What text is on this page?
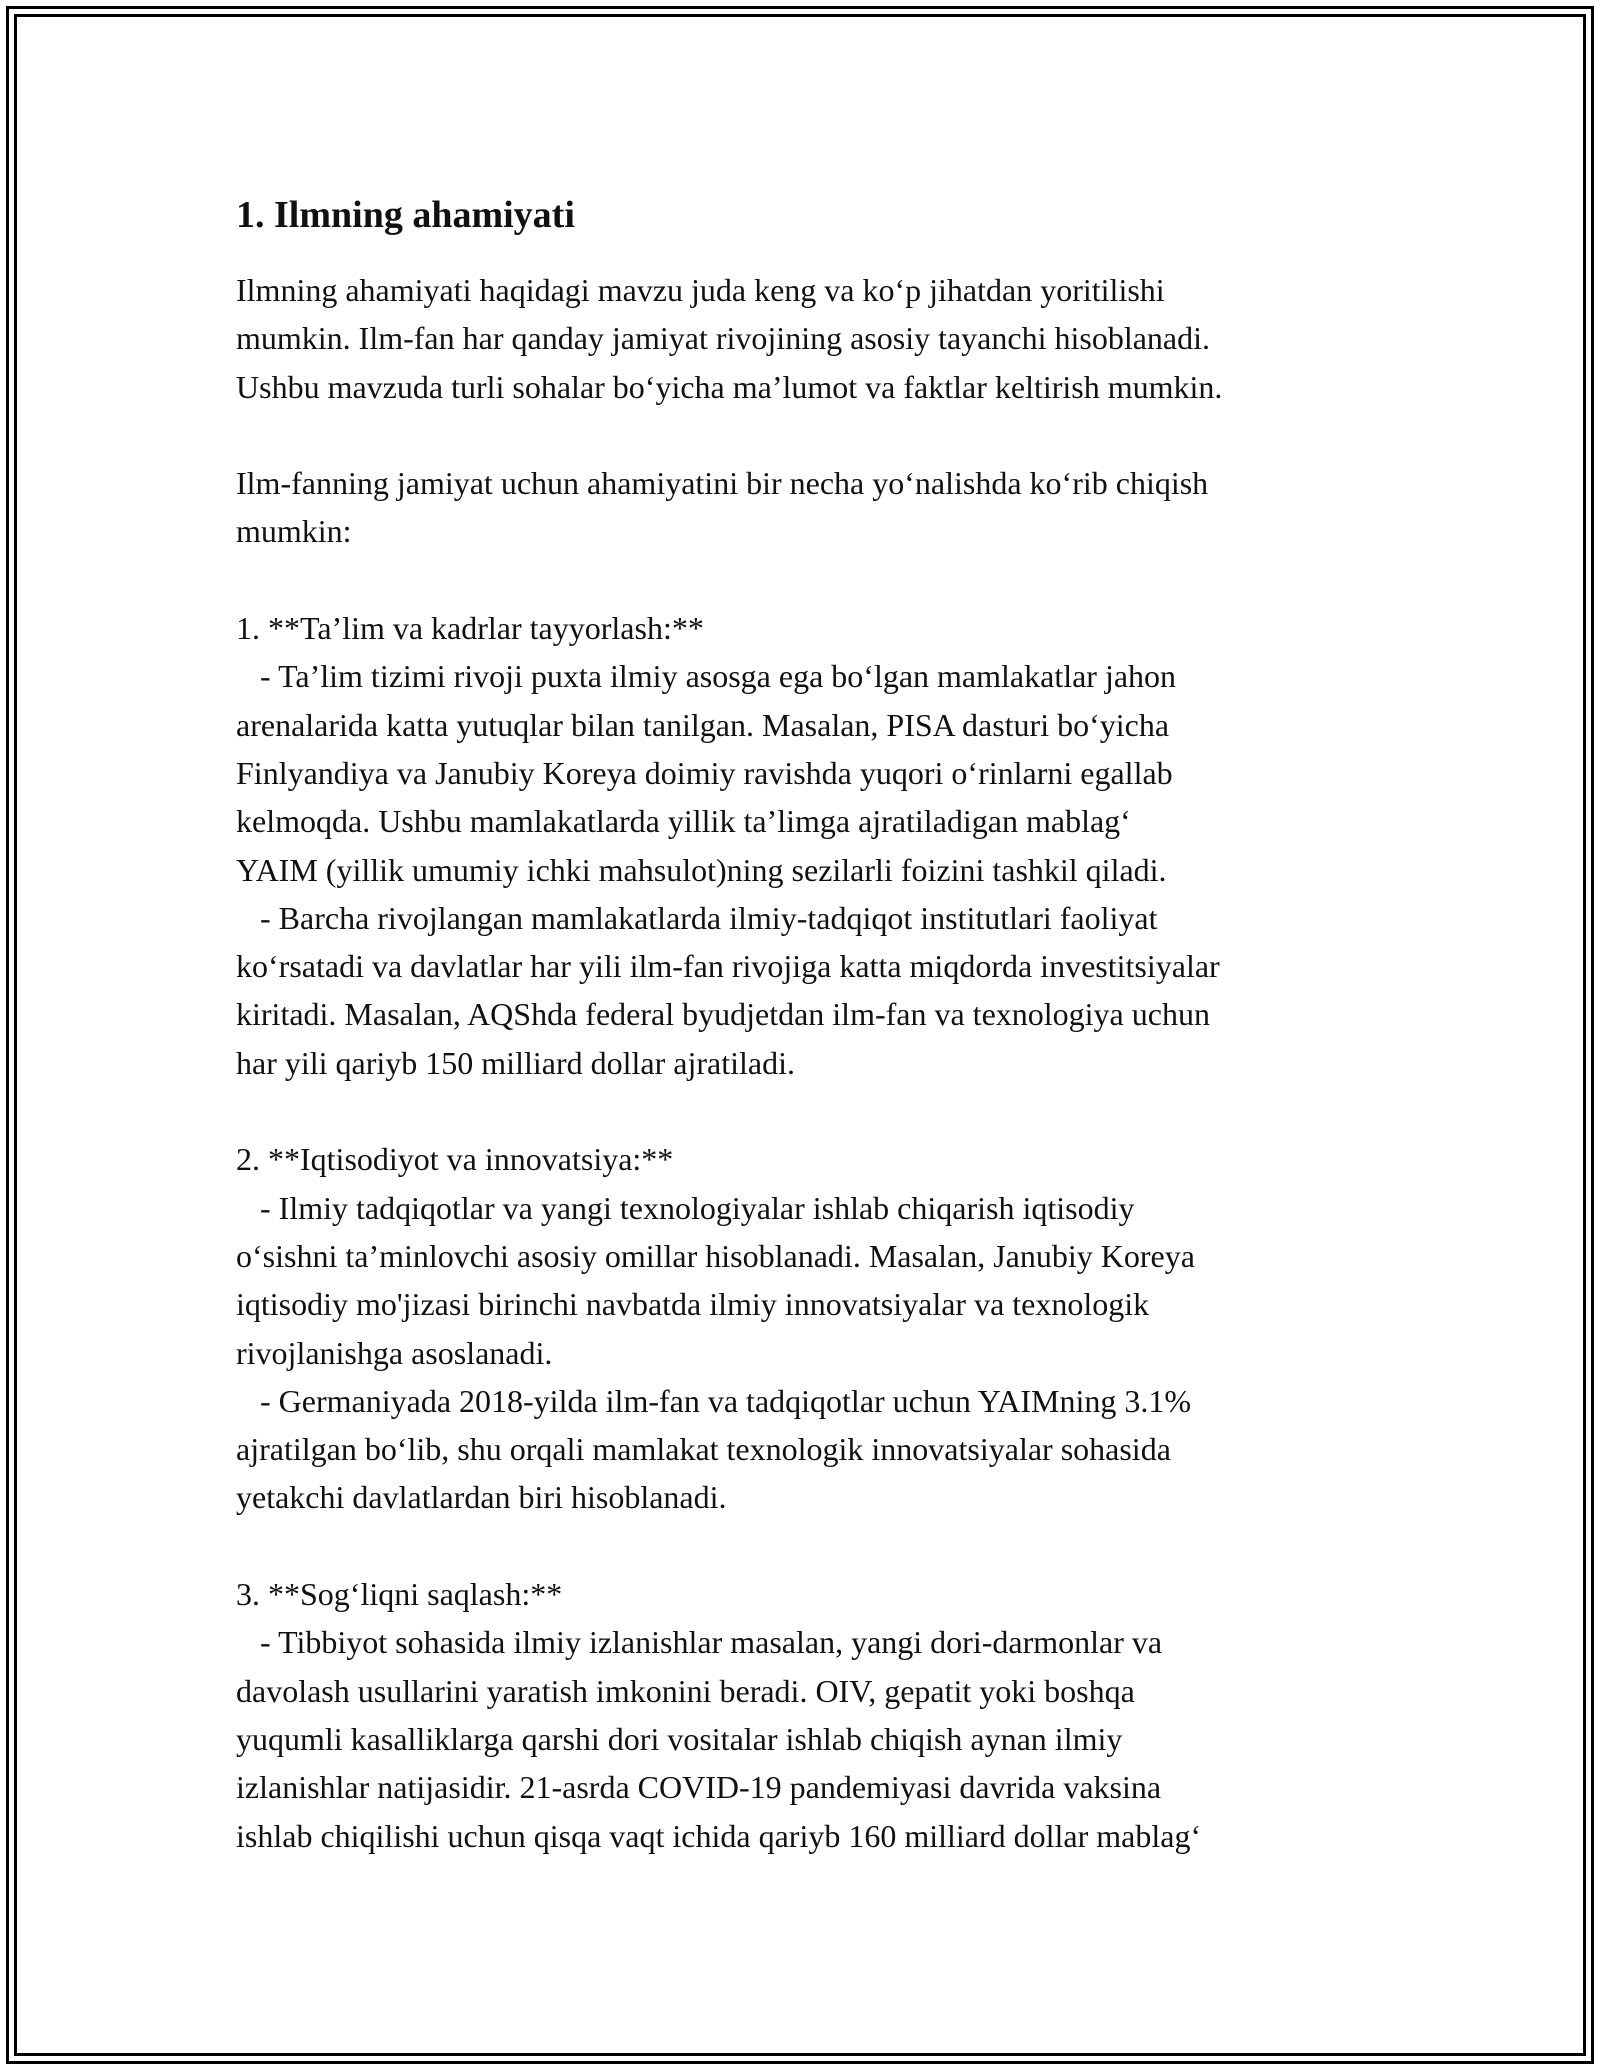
1. Ilmning ahamiyati
Ilmning ahamiyati haqidagi mavzu juda keng va ko‘p jihatdan yoritilishi
mumkin. Ilm-fan har qanday jamiyat rivojining asosiy tayanchi hisoblanadi.
Ushbu mavzuda turli sohalar bo‘yicha ma’lumot va faktlar keltirish mumkin.
Ilm-fanning jamiyat uchun ahamiyatini bir necha yo‘nalishda ko‘rib chiqish
mumkin:
1. **Ta’lim va kadrlar tayyorlash:**
- Ta’lim tizimi rivoji puxta ilmiy asosga ega bo‘lgan mamlakatlar jahon
arenalarida katta yutuqlar bilan tanilgan. Masalan, PISA dasturi bo‘yicha
Finlyandiya va Janubiy Koreya doimiy ravishda yuqori o‘rinlarni egallab
kelmoqda. Ushbu mamlakatlarda yillik ta’limga ajratiladigan mablag‘
YAIM (yillik umumiy ichki mahsulot)ning sezilarli foizini tashkil qiladi.
- Barcha rivojlangan mamlakatlarda ilmiy-tadqiqot institutlari faoliyat
ko‘rsatadi va davlatlar har yili ilm-fan rivojiga katta miqdorda investitsiyalar
kiritadi. Masalan, AQShda federal byudjetdan ilm-fan va texnologiya uchun
har yili qariyb 150 milliard dollar ajratiladi.
2. **Iqtisodiyot va innovatsiya:**
- Ilmiy tadqiqotlar va yangi texnologiyalar ishlab chiqarish iqtisodiy
o‘sishni ta’minlovchi asosiy omillar hisoblanadi. Masalan, Janubiy Koreya
iqtisodiy mo'jizasi birinchi navbatda ilmiy innovatsiyalar va texnologik
rivojlanishga asoslanadi.
- Germaniyada 2018-yilda ilm-fan va tadqiqotlar uchun YAIMning 3.1%
ajratilgan bo‘lib, shu orqali mamlakat texnologik innovatsiyalar sohasida
yetakchi davlatlardan biri hisoblanadi.
3. **Sog‘liqni saqlash:**
- Tibbiyot sohasida ilmiy izlanishlar masalan, yangi dori-darmonlar va
davolash usullarini yaratish imkonini beradi. OIV, gepatit yoki boshqa
yuqumli kasalliklarga qarshi dori vositalar ishlab chiqish aynan ilmiy
izlanishlar natijasidir. 21-asrda COVID-19 pandemiyasi davrida vaksina
ishlab chiqilishi uchun qisqa vaqt ichida qariyb 160 milliard dollar mablag‘
